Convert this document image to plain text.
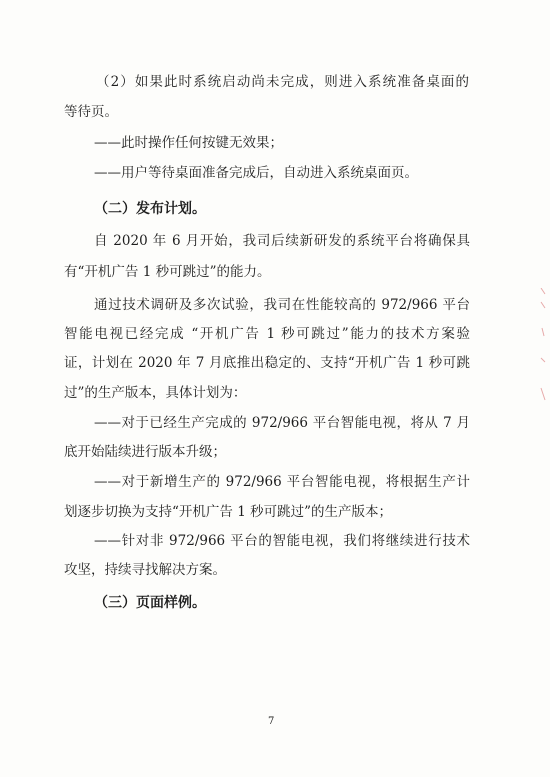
（2）如果此时系统启动尚未完成，则进入系统准备桌面的
等待页。
——此时操作任何按键无效果；
——用户等待桌面准备完成后，自动进入系统桌面页。
（二）发布计划。
自 2020 年 6 月开始，我司后续新研发的系统平台将确保具
有“开机广告 1 秒可跳过”的能力。
通过技术调研及多次试验，我司在性能较高的 972/966 平台
智能电视已经完成 “开机广告 1 秒可跳过”能力的技术方案验
证，计划在 2020 年 7 月底推出稳定的、支持“开机广告 1 秒可跳
过”的生产版本，具体计划为：
——对于已经生产完成的 972/966 平台智能电视，将从 7 月
底开始陆续进行版本升级；
——对于新增生产的 972/966 平台智能电视，将根据生产计
划逐步切换为支持“开机广告 1 秒可跳过”的生产版本；
——针对非 972/966 平台的智能电视，我们将继续进行技术
攻坚，持续寻找解决方案。
（三）页面样例。
7
